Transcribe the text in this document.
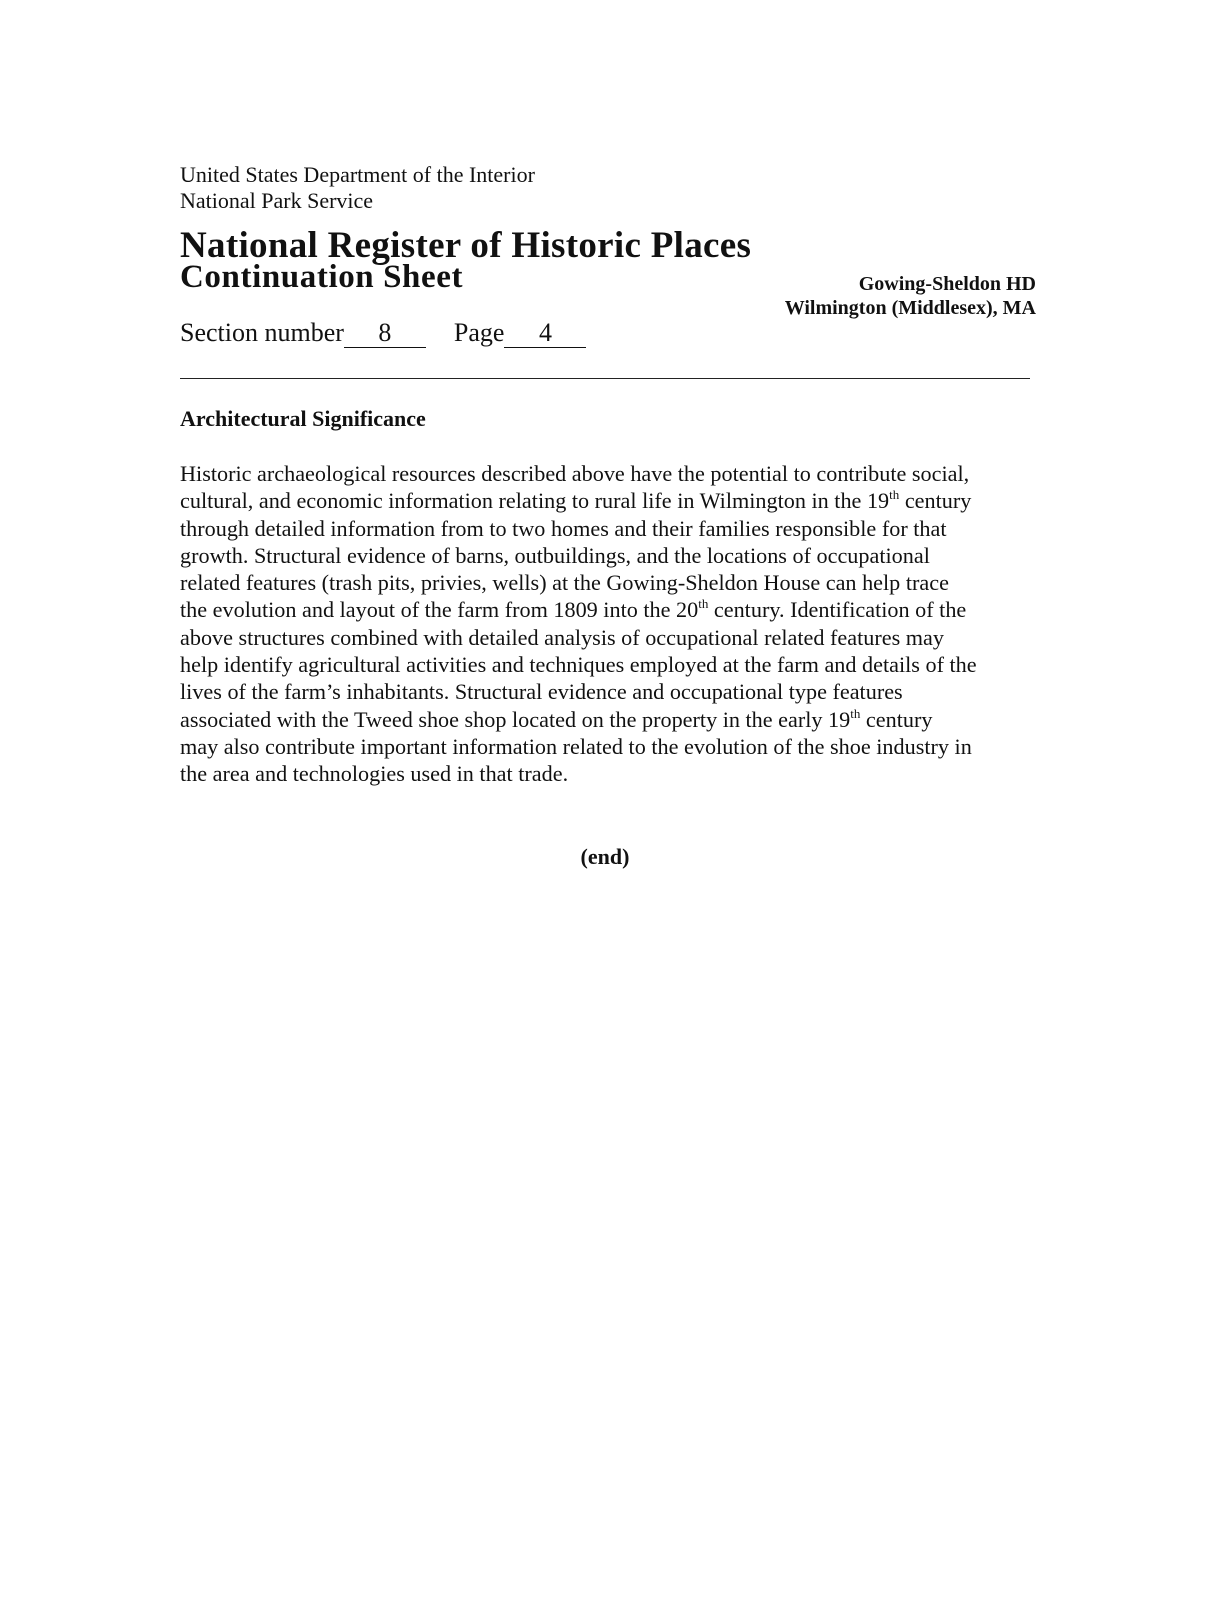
United States Department of the Interior
National Park Service
National Register of Historic Places
Continuation Sheet	Gowing-Sheldon HD
Wilmington (Middlesex), MA
Section number 8 Page 4
Architectural Significance
Historic archaeological resources described above have the potential to contribute social,
cultural, and economic information relating to rural life in Wilmington in the 19th century
through detailed information from to two homes and their families responsible for that
growth. Structural evidence of barns, outbuildings, and the locations of occupational
related features (trash pits, privies, wells) at the Gowing-Sheldon House can help trace
the evolution and layout of the farm from 1809 into the 20th century. Identification of the
above structures combined with detailed analysis of occupational related features may
help identify agricultural activities and techniques employed at the farm and details of the
lives of the farm’s inhabitants. Structural evidence and occupational type features
associated with the Tweed shoe shop located on the property in the early 19th century
may also contribute important information related to the evolution of the shoe industry in
the area and technologies used in that trade.
(end)
